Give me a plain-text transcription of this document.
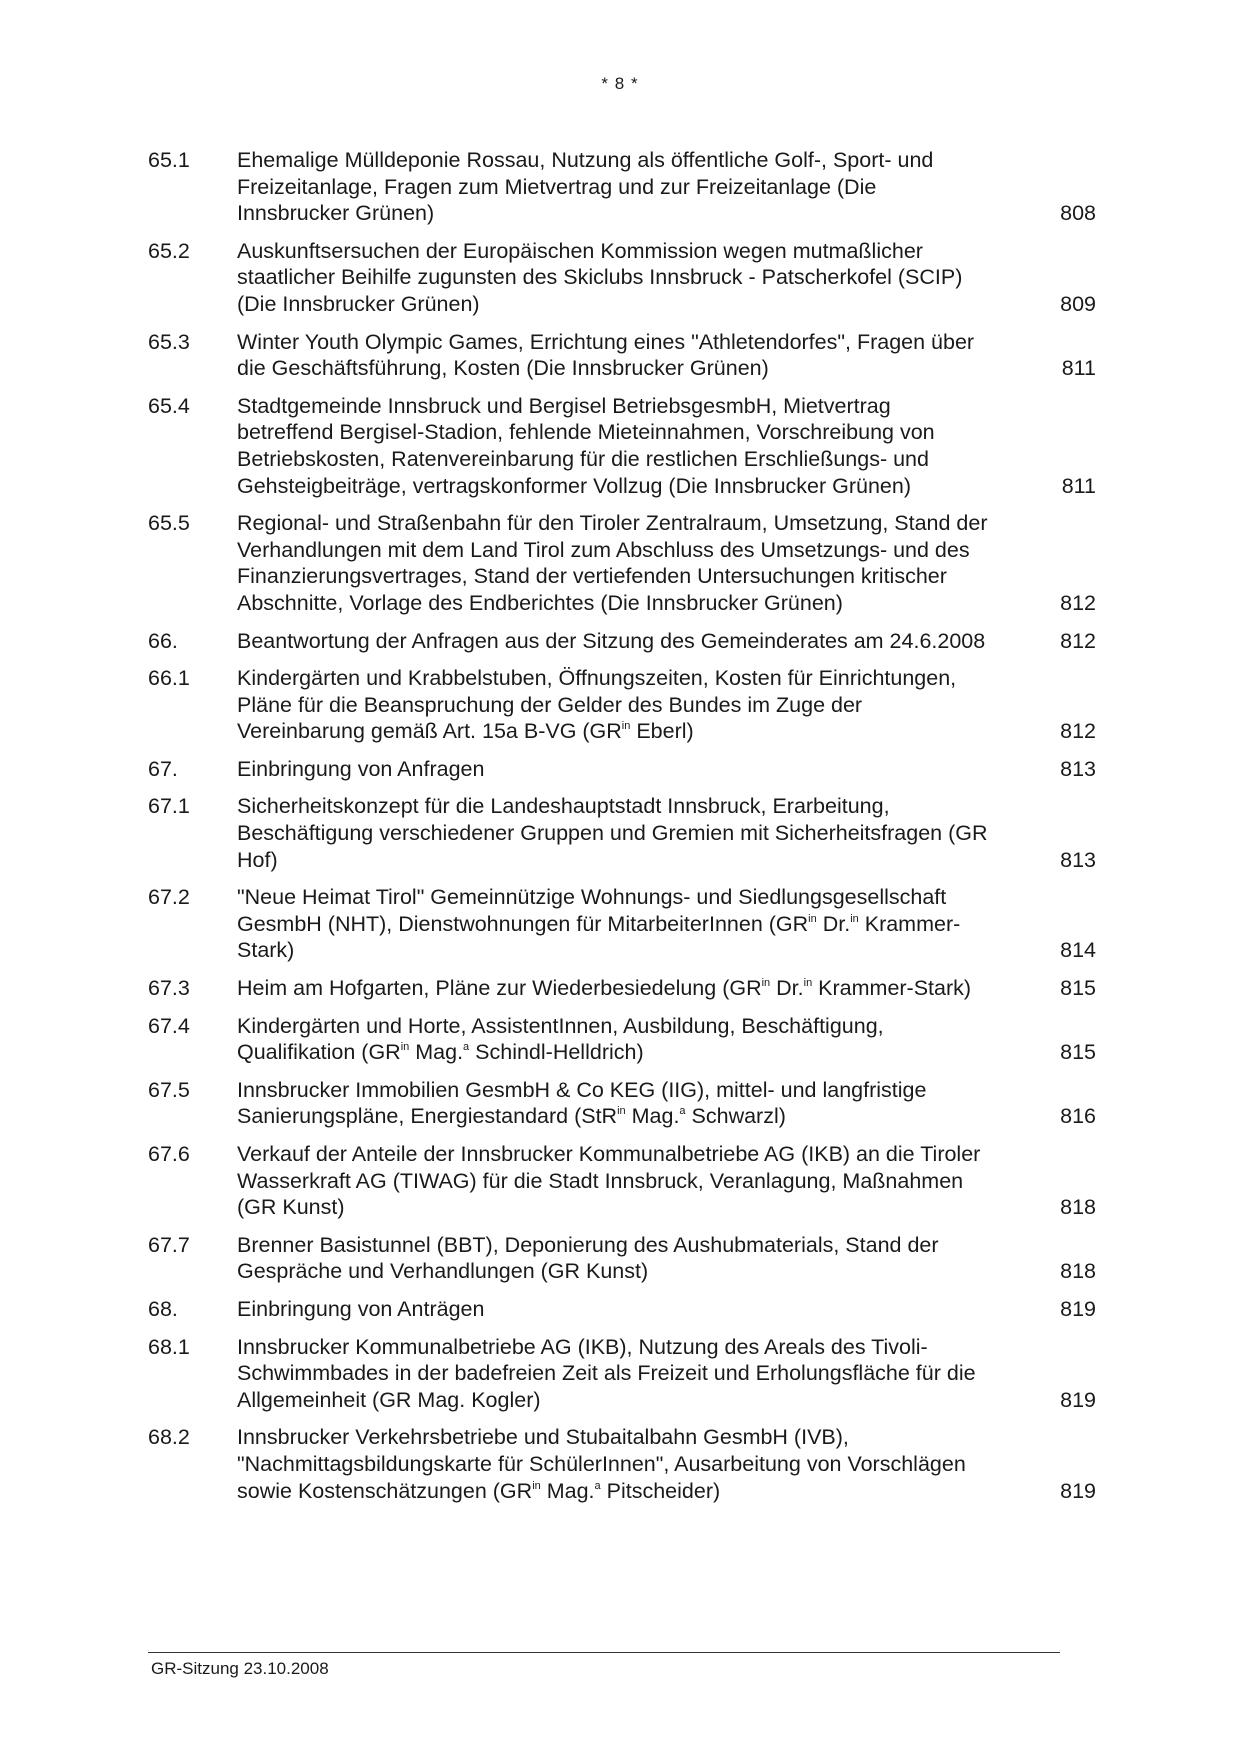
* 8 *
65.1	Ehemalige Mülldeponie Rossau, Nutzung als öffentliche Golf-, Sport- und Freizeitanlage, Fragen zum Mietvertrag und zur Freizeitanlage (Die Innsbrucker Grünen)	808
65.2	Auskunftsersuchen der Europäischen Kommission wegen mutmaßlicher staatlicher Beihilfe zugunsten des Skiclubs Innsbruck - Patscherkofel (SCIP) (Die Innsbrucker Grünen)	809
65.3	Winter Youth Olympic Games, Errichtung eines "Athletendorfes", Fragen über die Geschäftsführung, Kosten (Die Innsbrucker Grünen)	811
65.4	Stadtgemeinde Innsbruck und Bergisel BetriebsgesmbH, Mietvertrag betreffend Bergisel-Stadion, fehlende Mieteinnahmen, Vorschreibung von Betriebskosten, Ratenvereinbarung für die restlichen Erschließungs- und Gehsteigbeiträge, vertragskonformer Vollzug (Die Innsbrucker Grünen)	811
65.5	Regional- und Straßenbahn für den Tiroler Zentralraum, Umsetzung, Stand der Verhandlungen mit dem Land Tirol zum Abschluss des Umsetzungs- und des Finanzierungsvertrages, Stand der vertiefenden Untersuchungen kritischer Abschnitte, Vorlage des Endberichtes (Die Innsbrucker Grünen)	812
66.	Beantwortung der Anfragen aus der Sitzung des Gemeinderates am 24.6.2008	812
66.1	Kindergärten und Krabbelstuben, Öffnungszeiten, Kosten für Einrichtungen, Pläne für die Beanspruchung der Gelder des Bundes im Zuge der Vereinbarung gemäß Art. 15a B-VG ($GR^{in}$ Eberl)	812
67.	Einbringung von Anfragen	813
67.1	Sicherheitskonzept für die Landeshauptstadt Innsbruck, Erarbeitung, Beschäftigung verschiedener Gruppen und Gremien mit Sicherheitsfragen (GR Hof)	813
67.2	"Neue Heimat Tirol" Gemeinnützige Wohnungs- und Siedlungsgesellschaft GesmbH (NHT), Dienstwohnungen für MitarbeiterInnen ($GR^{in}$ Dr.$^{in}$ Krammer-Stark)	814
67.3	Heim am Hofgarten, Pläne zur Wiederbesiedelung ($GR^{in}$ Dr.$^{in}$ Krammer-Stark)	815
67.4	Kindergärten und Horte, AssistentInnen, Ausbildung, Beschäftigung, Qualifikation ($GR^{in}$ Mag.$^a$ Schindl-Helldrich)	815
67.5	Innsbrucker Immobilien GesmbH & Co KEG (IIG), mittel- und langfristige Sanierungspläne, Energiestandard (StR$^{in}$ Mag.$^a$ Schwarzl)	816
67.6	Verkauf der Anteile der Innsbrucker Kommunalbetriebe AG (IKB) an die Tiroler Wasserkraft AG (TIWAG) für die Stadt Innsbruck, Veranlagung, Maßnahmen (GR Kunst)	818
67.7	Brenner Basistunnel (BBT), Deponierung des Aushubmaterials, Stand der Gespräche und Verhandlungen (GR Kunst)	818
68.	Einbringung von Anträgen	819
68.1	Innsbrucker Kommunalbetriebe AG (IKB), Nutzung des Areals des Tivoli-Schwimmbades in der badefreien Zeit als Freizeit und Erholungsfläche für die Allgemeinheit (GR Mag. Kogler)	819
68.2	Innsbrucker Verkehrsbetriebe und Stubaitalbahn GesmbH (IVB), "Nachmittagsbildungskarte für SchülerInnen", Ausarbeitung von Vorschlägen sowie Kostenschätzungen ($GR^{in}$ Mag.$^a$ Pitscheider)	819
GR-Sitzung 23.10.2008
